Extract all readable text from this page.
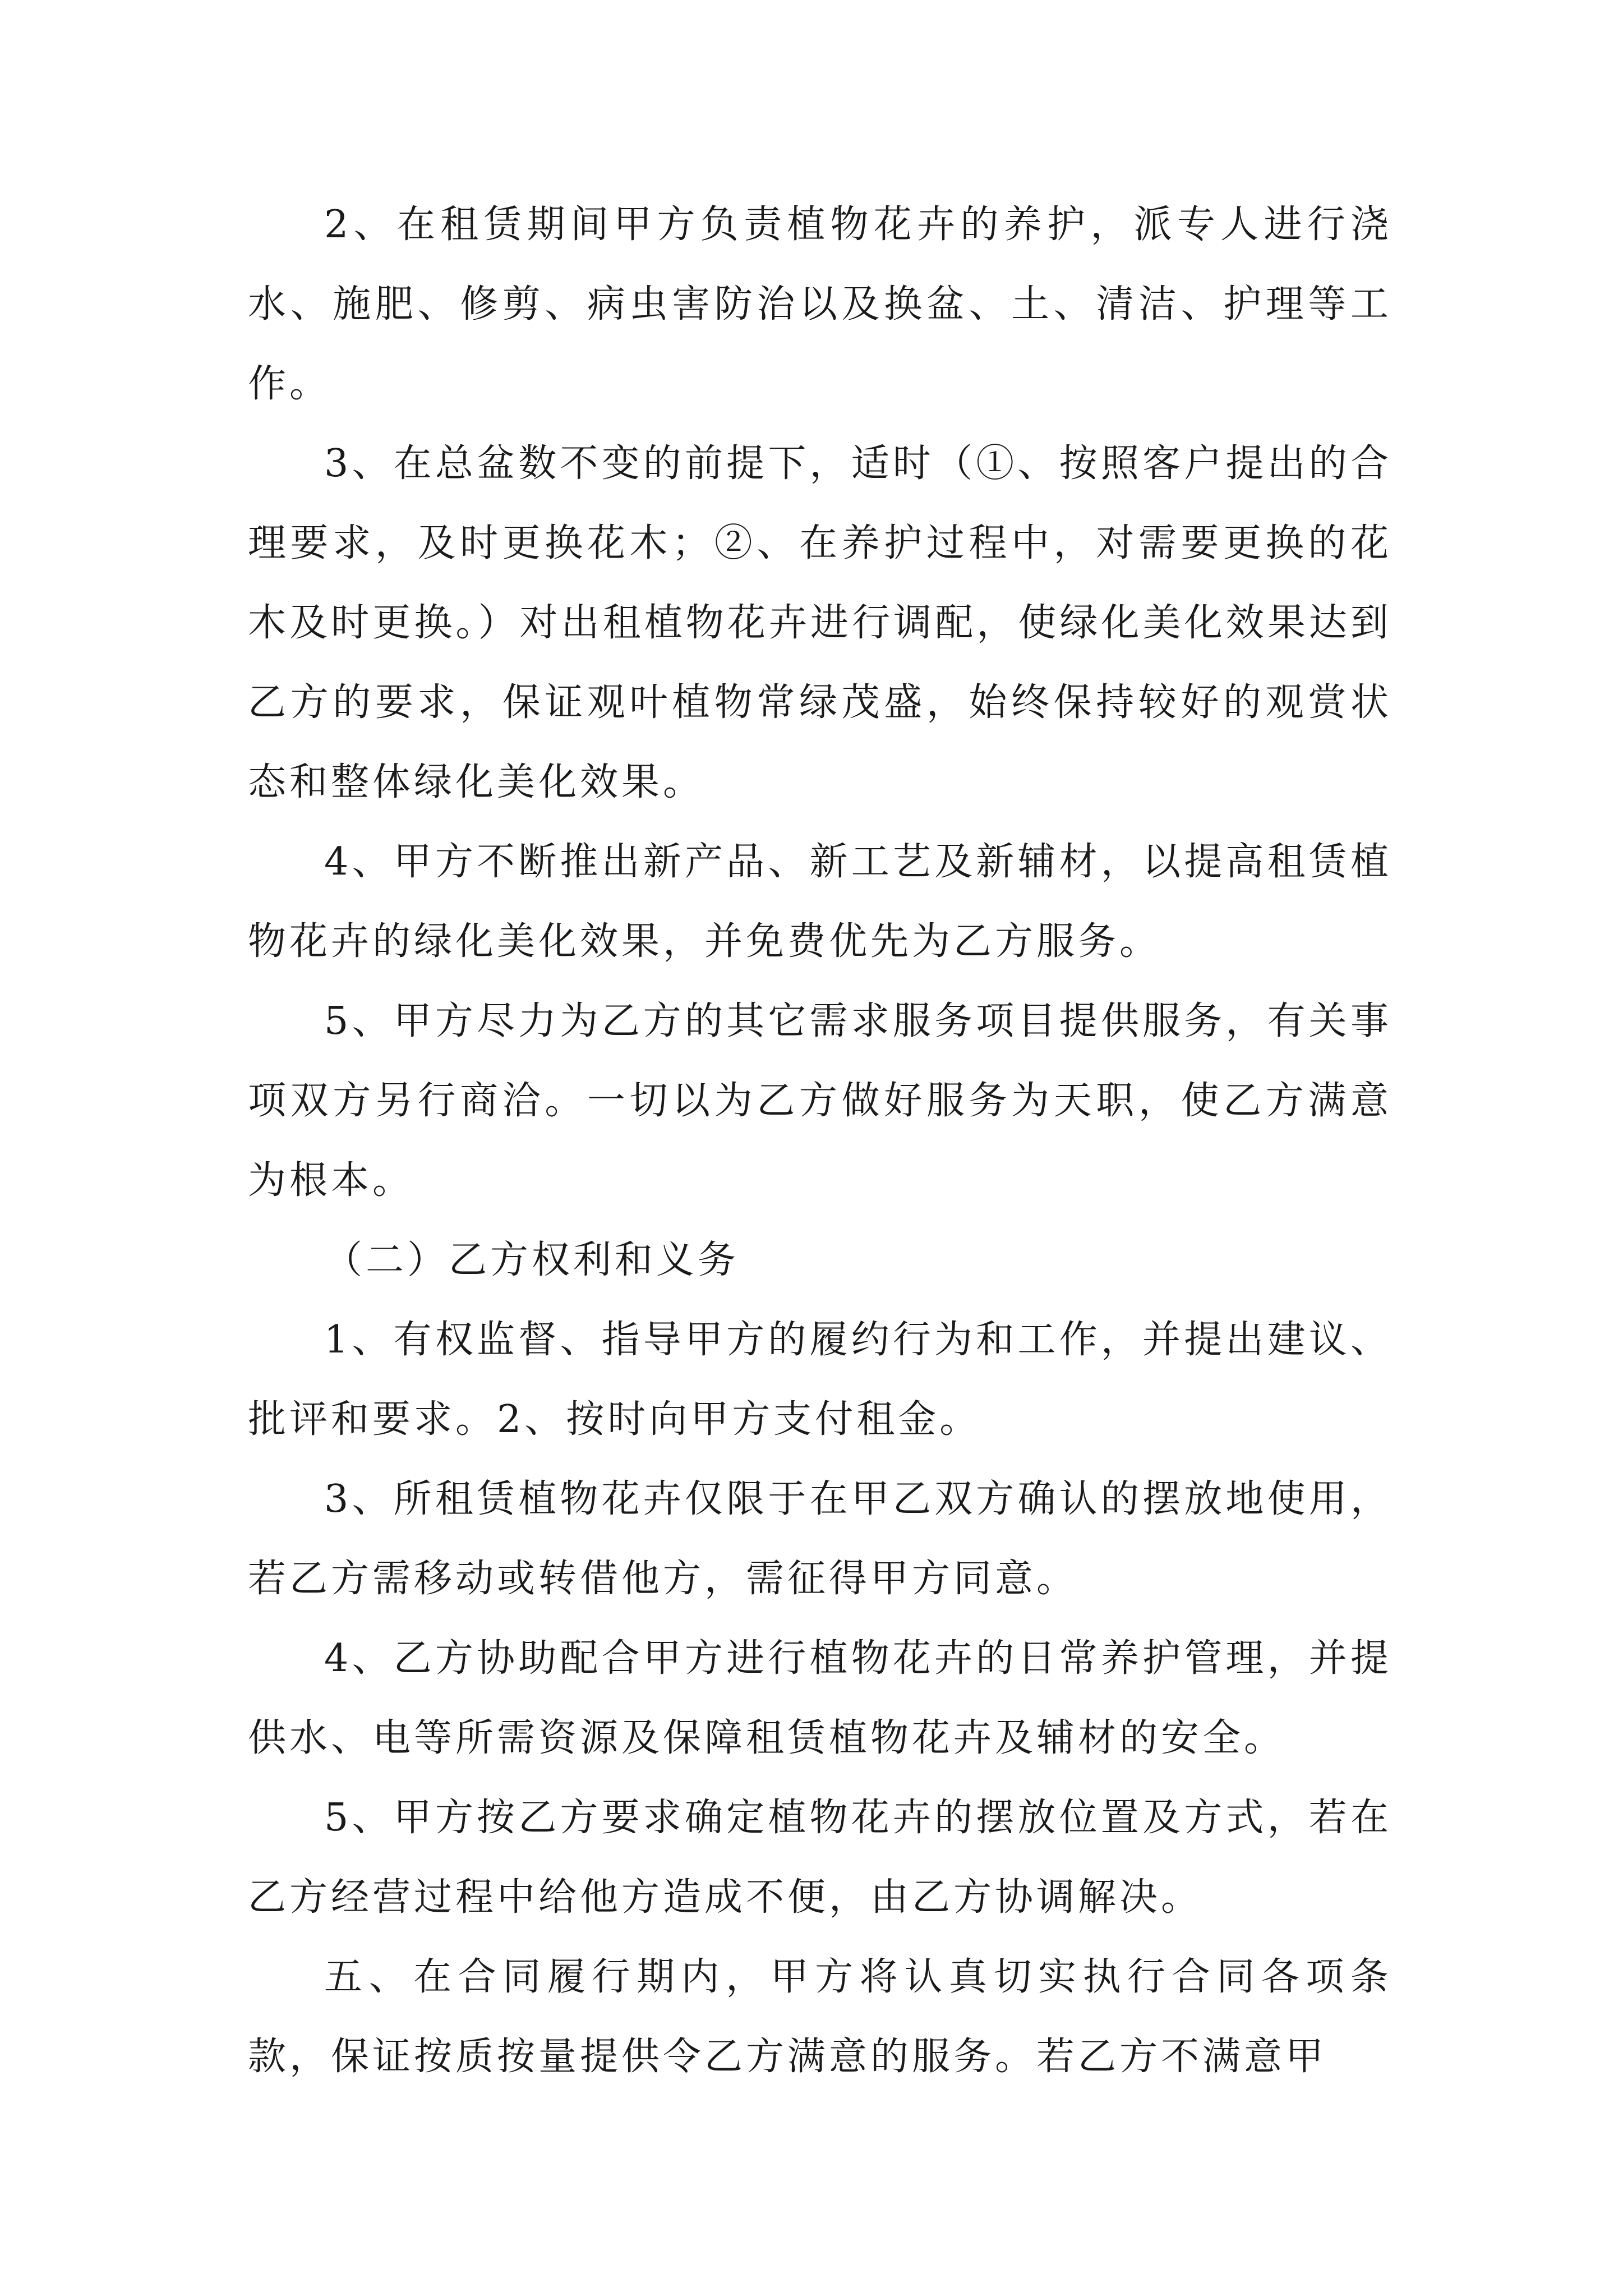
2、在租赁期间甲方负责植物花卉的养护，派专人进行浇水、施肥、修剪、病虫害防治以及换盆、土、清洁、护理等工作。

3、在总盆数不变的前提下，适时（①、按照客户提出的合理要求，及时更换花木；②、在养护过程中，对需要更换的花木及时更换。）对出租植物花卉进行调配，使绿化美化效果达到乙方的要求，保证观叶植物常绿茂盛，始终保持较好的观赏状态和整体绿化美化效果。

4、甲方不断推出新产品、新工艺及新辅材，以提高租赁植物花卉的绿化美化效果，并免费优先为乙方服务。

5、甲方尽力为乙方的其它需求服务项目提供服务，有关事项双方另行商洽。一切以为乙方做好服务为天职，使乙方满意为根本。

（二）乙方权利和义务

1、有权监督、指导甲方的履约行为和工作，并提出建议、批评和要求。2、按时向甲方支付租金。

3、所租赁植物花卉仅限于在甲乙双方确认的摆放地使用，若乙方需移动或转借他方，需征得甲方同意。

4、乙方协助配合甲方进行植物花卉的日常养护管理，并提供水、电等所需资源及保障租赁植物花卉及辅材的安全。

5、甲方按乙方要求确定植物花卉的摆放位置及方式，若在乙方经营过程中给他方造成不便，由乙方协调解决。

五、在合同履行期内，甲方将认真切实执行合同各项条款，保证按质按量提供令乙方满意的服务。若乙方不满意甲
